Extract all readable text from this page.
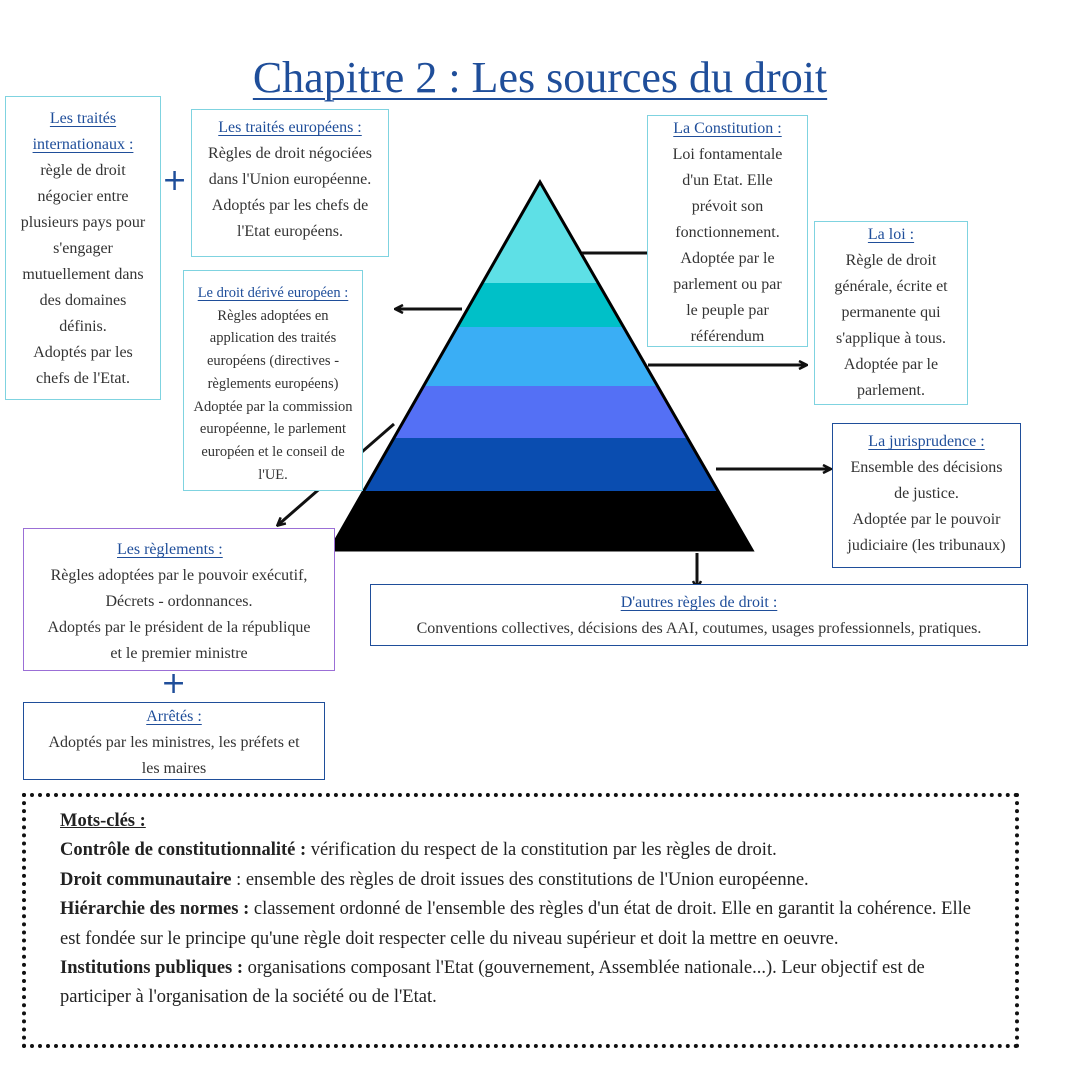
Chapitre 2 : Les sources du droit
Les traités internationaux :
règle de droit
négocier entre
plusieurs pays pour
s'engager
mutuellement dans
des domaines
définis.
Adoptés par les
chefs de l'Etat.
+
Les traités européens :
Règles de droit négociées
dans l'Union européenne.
Adoptés par les chefs de
l'Etat européens.
Le droit dérivé européen :
Règles adoptées en
application des traités
européens (directives -
règlements européens)
Adoptée par la commission
européenne, le parlement
européen et le conseil de
l'UE.
La Constitution :
Loi fontamentale
d'un Etat. Elle
prévoit son
fonctionnement.
Adoptée par le
parlement ou par
le peuple par
référendum
La loi :
Règle de droit
générale, écrite et
permanente qui
s'applique à tous.
Adoptée par le
parlement.
La jurisprudence :
Ensemble des décisions
de justice.
Adoptée par le pouvoir
judiciaire (les tribunaux)
Les règlements :
Règles adoptées par le pouvoir exécutif,
Décrets - ordonnances.
Adoptés par le président de la république
et le premier ministre
+
Arrêtés :
Adoptés par les ministres, les préfets et
les maires
D'autres règles de droit :
Conventions collectives, décisions des AAI, coutumes, usages professionnels, pratiques.
Mots-clés :

Contrôle de constitutionnalité : vérification du respect de la constitution par les règles de droit.

Droit communautaire : ensemble des règles de droit issues des constitutions de l'Union européenne.

Hiérarchie des normes : classement ordonné de l'ensemble des règles d'un état de droit. Elle en garantit la cohérence. Elle est fondée sur le principe qu'une règle doit respecter celle du niveau supérieur et doit la mettre en oeuvre.

Institutions publiques : organisations composant l'Etat (gouvernement, Assemblée nationale...). Leur objectif est de participer à l'organisation de la société ou de l'Etat.
